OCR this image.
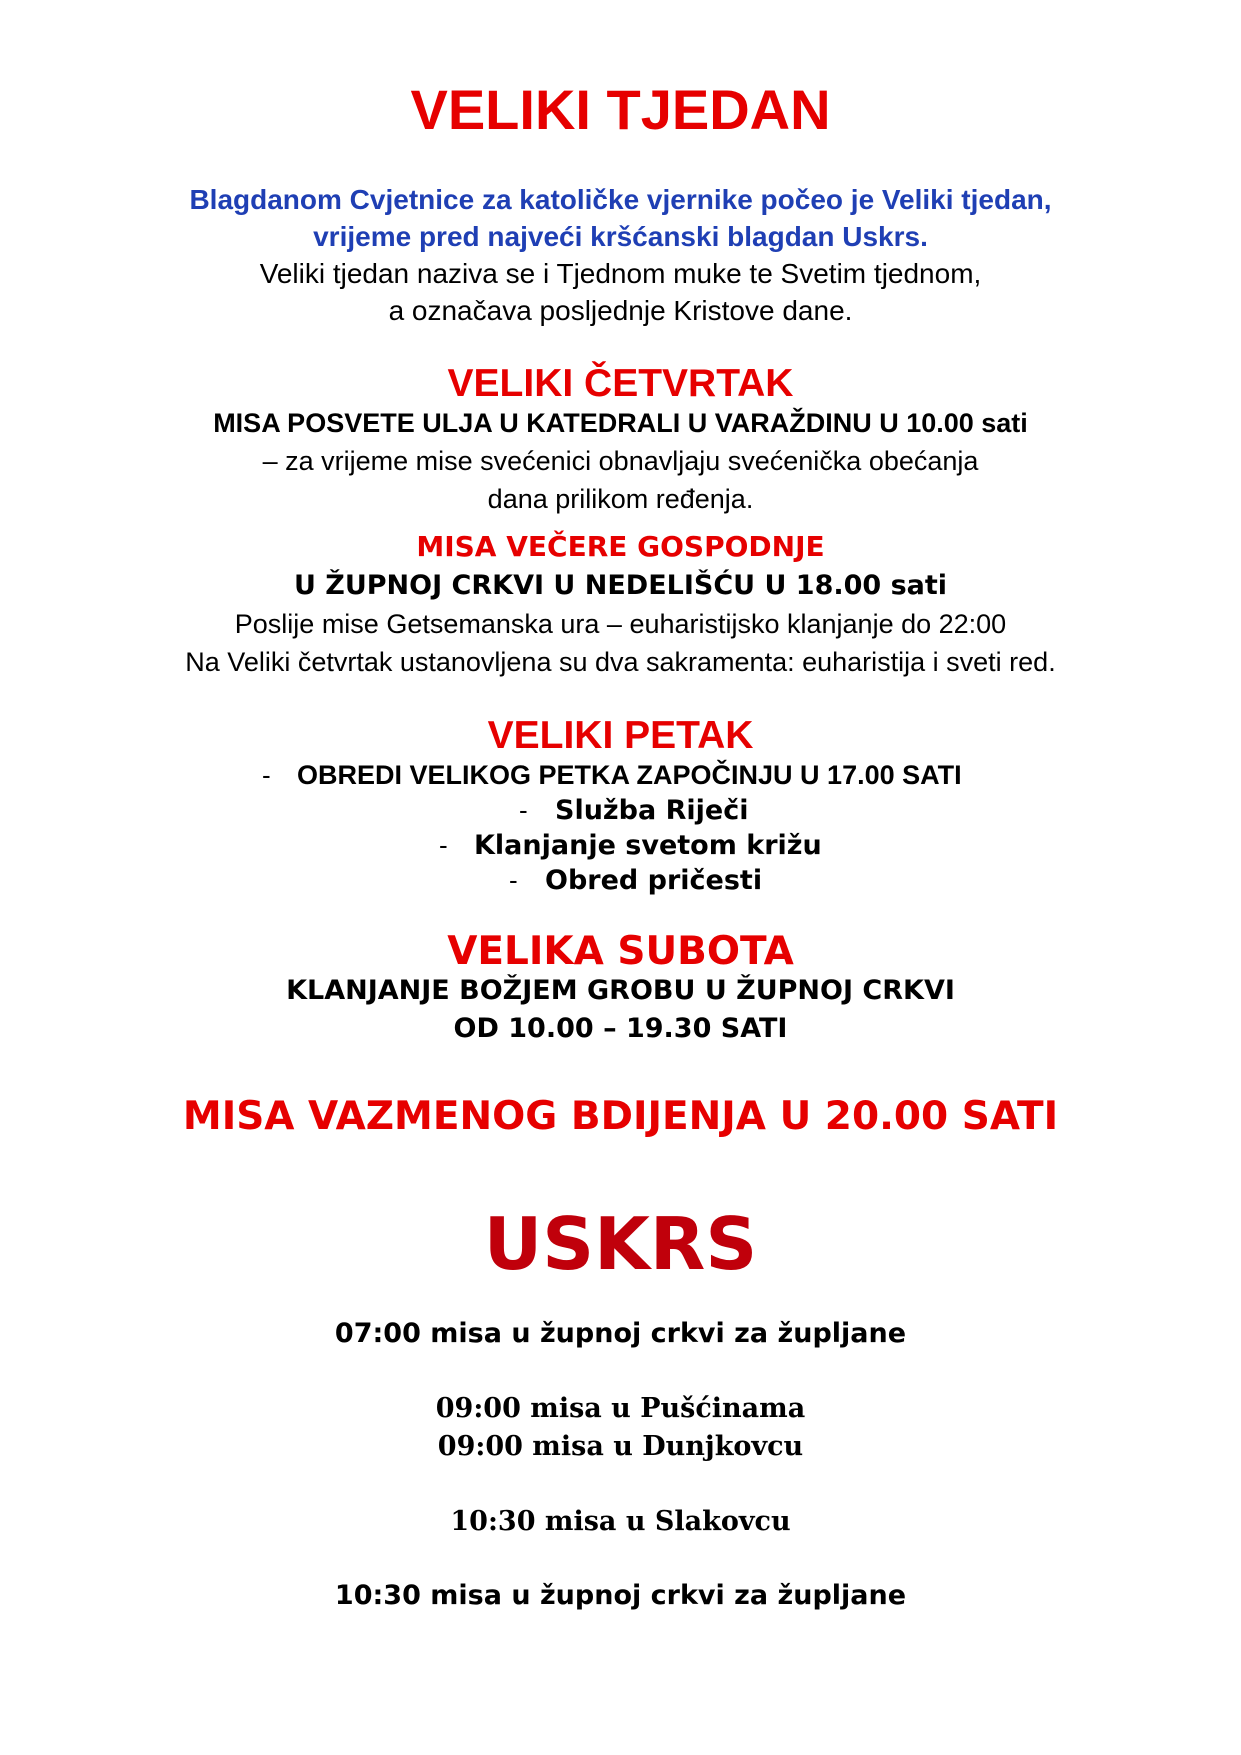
VELIKI TJEDAN
Blagdanom Cvjetnice za katoličke vjernike počeo je Veliki tjedan,
vrijeme pred najveći kršćanski blagdan Uskrs.
Veliki tjedan naziva se i Tjednom muke te Svetim tjednom,
a označava posljednje Kristove dane.
VELIKI ČETVRTAK
MISA POSVETE ULJA U KATEDRALI U VARAŽDINU U 10.00 sati
– za vrijeme mise svećenici obnavljaju svećenička obećanja
dana prilikom ređenja.
MISA VEČERE GOSPODNJE
U ŽUPNOJ CRKVI U NEDELIŠĆU U 18.00 sati
Poslije mise Getsemanska ura – euharistijsko klanjanje do 22:00
Na Veliki četvrtak ustanovljena su dva sakramenta: euharistija i sveti red.
VELIKI PETAK
- OBREDI VELIKOG PETKA ZAPOČINJU U 17.00 SATI
- Služba Riječi
- Klanjanje svetom križu
- Obred pričesti
VELIKA SUBOTA
KLANJANJE BOŽJEM GROBU U ŽUPNOJ CRKVI
OD 10.00 – 19.30 SATI
MISA VAZMENOG BDIJENJA U 20.00 SATI
USKRS
07:00 misa u župnoj crkvi za župljane
09:00 misa u Pušćinama
09:00 misa u Dunjkovcu
10:30 misa u Slakovcu
10:30 misa u župnoj crkvi za župljane
